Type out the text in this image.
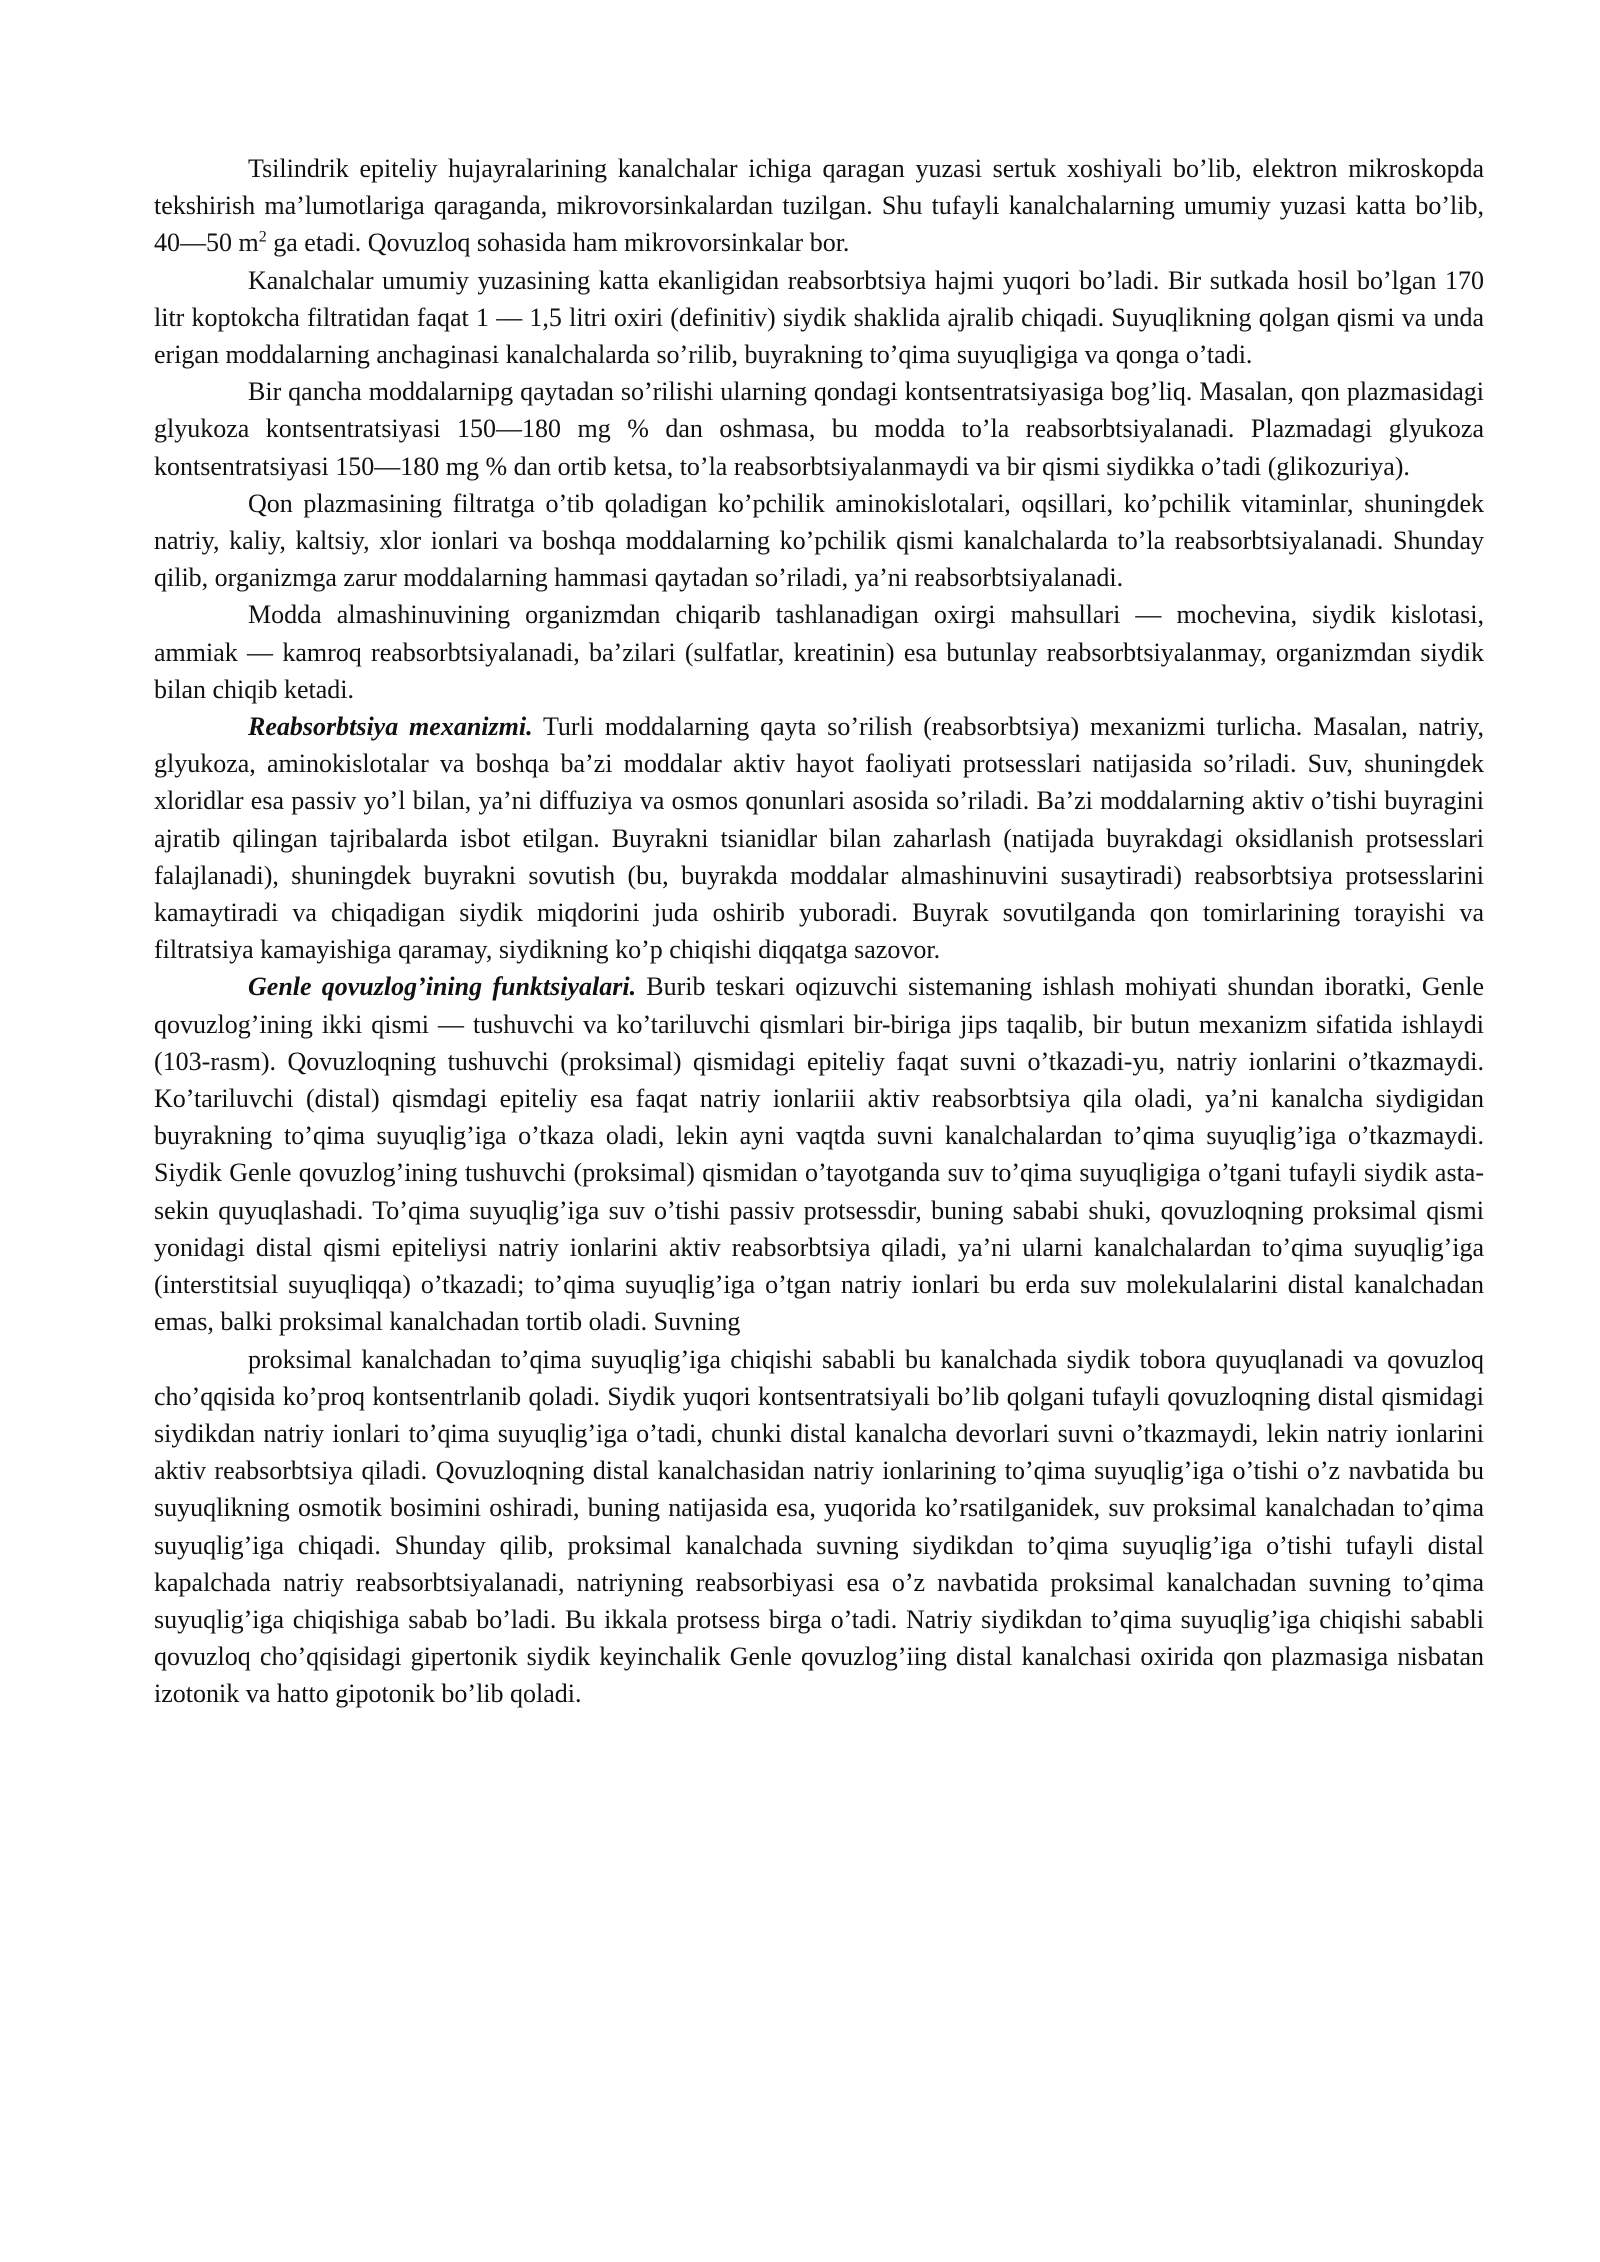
Tsilindrik epiteliy hujayralarining kanalchalar ichiga qaragan yuzasi sertuk xoshiyali bo’lib, elektron mikroskopda tekshirish ma’lumotlariga qaraganda, mikrovorsinkalardan tuzilgan. Shu tufayli kanalchalarning umumiy yuzasi katta bo’lib, 40—50 $m^2$ ga etadi. Qovuzloq sohasida ham mikrovorsinkalar bor.

Kanalchalar umumiy yuzasining katta ekanligidan reabsorbtsiya hajmi yuqori bo’ladi. Bir sutkada hosil bo’lgan 170 litr koptokcha filtratidan faqat 1 — 1,5 litri oxiri (definitiv) siydik shaklida ajralib chiqadi. Suyuqlikning qolgan qismi va unda erigan moddalarning anchaginasi kanalchalarda so’rilib, buyrakning to’qima suyuqligiga va qonga o’tadi.

Bir qancha moddalarnipg qaytadan so’rilishi ularning qondagi kontsentratsiyasiga bog’liq. Masalan, qon plazmasidagi glyukoza kontsentratsiyasi 150—180 mg % dan oshmasa, bu modda to’la reabsorbtsiyalanadi. Plazmadagi glyukoza kontsentratsiyasi 150—180 mg % dan ortib ketsa, to’la reabsorbtsiyalanmaydi va bir qismi siydikka o’tadi (glikozuriya).

Qon plazmasining filtratga o’tib qoladigan ko’pchilik aminokislotalari, oqsillari, ko’pchilik vitaminlar, shuningdek natriy, kaliy, kaltsiy, xlor ionlari va boshqa moddalarning ko’pchilik qismi kanalchalarda to’la reabsorbtsiyalanadi. Shunday qilib, organizmga zarur moddalarning hammasi qaytadan so’riladi, ya’ni reabsorbtsiyalanadi.

Modda almashinuvining organizmdan chiqarib tashlanadigan oxirgi mahsullari — mochevina, siydik kislotasi, ammiak — kamroq reabsorbtsiyalanadi, ba’zilari (sulfatlar, kreatinin) esa butunlay reabsorbtsiyalanmay, organizmdan siydik bilan chiqib ketadi.

Reabsorbtsiya mexanizmi. Turli moddalarning qayta so’rilish (reabsorbtsiya) mexanizmi turlicha. Masalan, natriy, glyukoza, aminokislotalar va boshqa ba’zi moddalar aktiv hayot faoliyati protsesslari natijasida so’riladi. Suv, shuningdek xloridlar esa passiv yo’l bilan, ya’ni diffuziya va osmos qonunlari asosida so’riladi. Ba’zi moddalarning aktiv o’tishi buyragini ajratib qilingan tajribalarda isbot etilgan. Buyrakni tsianidlar bilan zaharlash (natijada buyrakdagi oksidlanish protsesslari falajlanadi), shuningdek buyrakni sovutish (bu, buyrakda moddalar almashinuvini susaytiradi) reabsorbtsiya protsesslarini kamaytiradi va chiqadigan siydik miqdorini juda oshirib yuboradi. Buyrak sovutilganda qon tomirlarining torayishi va filtratsiya kamayishiga qaramay, siydikning ko’p chiqishi diqqatga sazovor.

Genle qovuzlog’ining funktsiyalari. Burib teskari oqizuvchi sistemaning ishlash mohiyati shundan iboratki, Genle qovuzlog’ining ikki qismi — tushuvchi va ko’tariluvchi qismlari bir-biriga jips taqalib, bir butun mexanizm sifatida ishlaydi (103-rasm). Qovuzloqning tushuvchi (proksimal) qismidagi epiteliy faqat suvni o’tkazadi-yu, natriy ionlarini o’tkazmaydi. Ko’tariluvchi (distal) qismdagi epiteliy esa faqat natriy ionlariii aktiv reabsorbtsiya qila oladi, ya’ni kanalcha siydigidan buyrakning to’qima suyuqlig’iga o’tkaza oladi, lekin ayni vaqtda suvni kanalchalardan to’qima suyuqlig’iga o’tkazmaydi. Siydik Genle qovuzlog’ining tushuvchi (proksimal) qismidan o’tayotganda suv to’qima suyuqligiga o’tgani tufayli siydik asta-sekin quyuqlashadi. To’qima suyuqlig’iga suv o’tishi passiv protsessdir, buning sababi shuki, qovuzloqning proksimal qismi yonidagi distal qismi epiteliysi natriy ionlarini aktiv reabsorbtsiya qiladi, ya’ni ularni kanalchalardan to’qima suyuqlig’iga (interstitsial suyuqliqqa) o’tkazadi; to’qima suyuqlig’iga o’tgan natriy ionlari bu erda suv molekulalarini distal kanalchadan emas, balki proksimal kanalchadan tortib oladi. Suvning

proksimal kanalchadan to’qima suyuqlig’iga chiqishi sababli bu kanalchada siydik tobora quyuqlanadi va qovuzloq cho’qqisida ko’proq kontsentrlanib qoladi. Siydik yuqori kontsentratsiyali bo’lib qolgani tufayli qovuzloqning distal qismidagi siydikdan natriy ionlari to’qima suyuqlig’iga o’tadi, chunki distal kanalcha devorlari suvni o’tkazmaydi, lekin natriy ionlarini aktiv reabsorbtsiya qiladi. Qovuzloqning distal kanalchasidan natriy ionlarining to’qima suyuqlig’iga o’tishi o’z navbatida bu suyuqlikning osmotik bosimini oshiradi, buning natijasida esa, yuqorida ko’rsatilganidek, suv proksimal kanalchadan to’qima suyuqlig’iga chiqadi. Shunday qilib, proksimal kanalchada suvning siydikdan to’qima suyuqlig’iga o’tishi tufayli distal kapalchada natriy reabsorbtsiyalanadi, natriyning reabsorbiyasi esa o’z navbatida proksimal kanalchadan suvning to’qima suyuqlig’iga chiqishiga sabab bo’ladi. Bu ikkala protsess birga o’tadi. Natriy siydikdan to’qima suyuqlig’iga chiqishi sababli qovuzloq cho’qqisidagi gipertonik siydik keyinchalik Genle qovuzlog’iing distal kanalchasi oxirida qon plazmasiga nisbatan izotonik va hatto gipotonik bo’lib qoladi.
